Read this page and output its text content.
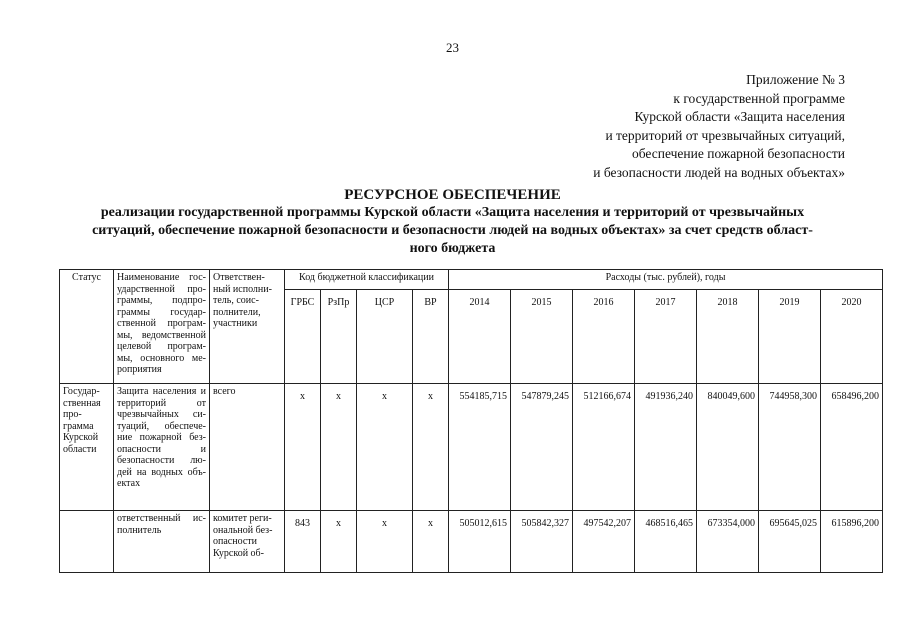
23
Приложение № 3
к государственной программе
Курской области «Защита населения
и территорий от чрезвычайных ситуаций,
обеспечение пожарной безопасности
и безопасности людей на водных объектах»
РЕСУРСНОЕ ОБЕСПЕЧЕНИЕ
реализации государственной программы Курской области «Защита населения и территорий от чрезвычайных
ситуаций, обеспечение пожарной безопасности и безопасности людей на водных объектах» за счет средств област-
ного бюджета
Статус	Наименование гос-ударственной про-граммы, подпро-граммы государ-ственной програм-мы, ведомственной целевой програм-мы, основного ме-роприятия	Ответствен-ный исполни-тель, соис-полнители, участники	Код бюджетной классификации				Расходы (тыс. рублей), годы						
			ГРБС	РзПр	ЦСР	ВР	2014	2015	2016	2017	2018	2019	2020
Государ-ственная про-грамма Курской области	Защита населения и территорий от чрезвычайных си-туаций, обеспече-ние пожарной без-опасности и безопасности лю-дей на водных объ-ектах	всего	х	х	х	х	554185,715	547879,245	512166,674	491936,240	840049,600	744958,300	658496,200
	ответственный ис-полнитель	комитет реги-ональной без-опасности Курской об-	843	х	х	х	505012,615	505842,327	497542,207	468516,465	673354,000	695645,025	615896,200
